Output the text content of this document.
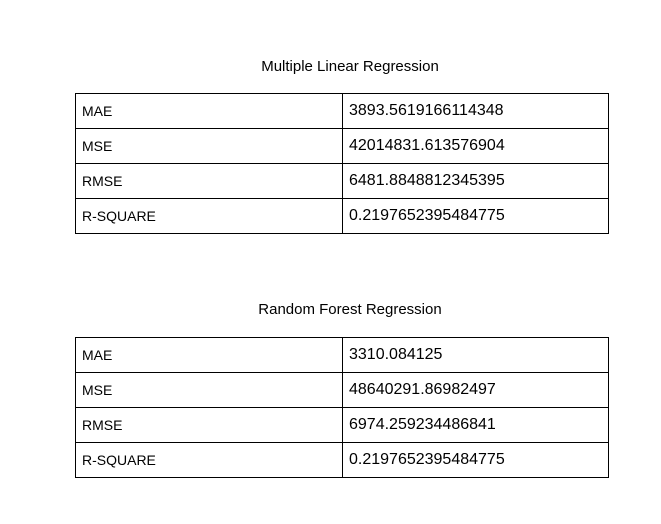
Multiple Linear Regression
MAE	3893.5619166114348
MSE	42014831.613576904
RMSE	6481.8848812345395
R-SQUARE	0.2197652395484775
Random Forest Regression
MAE	3310.084125
MSE	48640291.86982497
RMSE	6974.259234486841
R-SQUARE	0.2197652395484775
